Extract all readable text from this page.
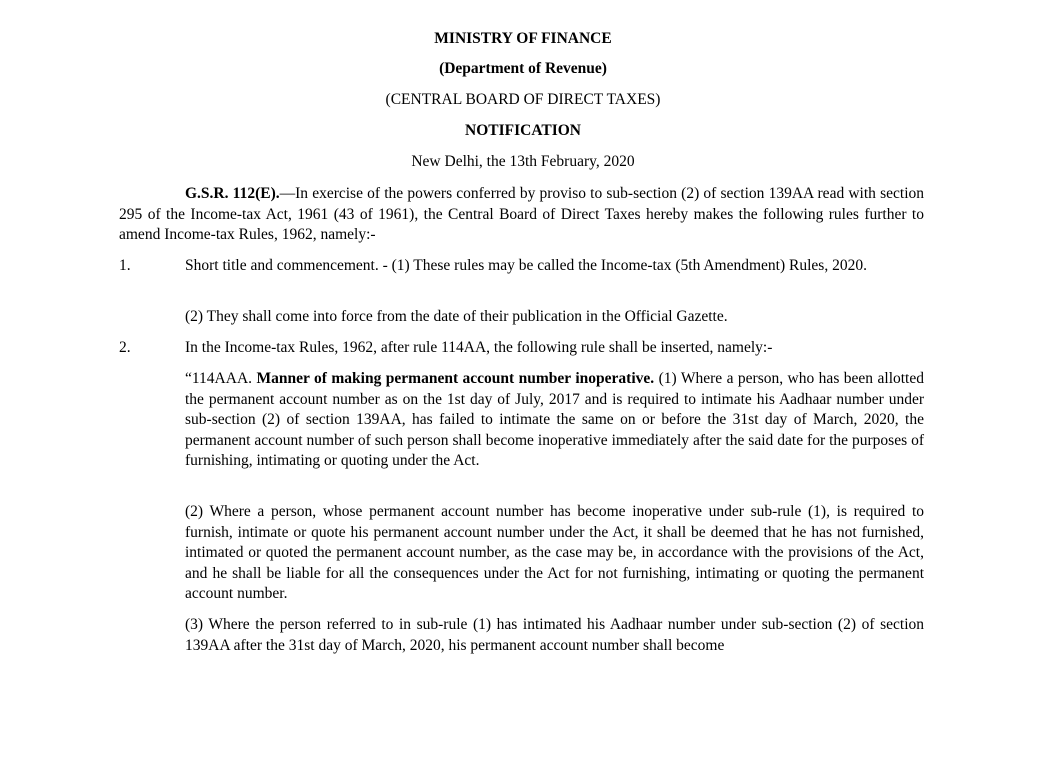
MINISTRY OF FINANCE
(Department of Revenue)
(CENTRAL BOARD OF DIRECT TAXES)
NOTIFICATION
New Delhi, the 13th February, 2020
G.S.R. 112(E).—In exercise of the powers conferred by proviso to sub-section (2) of section 139AA read with section 295 of the Income-tax Act, 1961 (43 of 1961), the Central Board of Direct Taxes hereby makes the following rules further to amend Income-tax Rules, 1962, namely:-
1.	Short title and commencement. - (1) These rules may be called the Income-tax (5th Amendment) Rules, 2020.
(2) They shall come into force from the date of their publication in the Official Gazette.
2.	In the Income-tax Rules, 1962, after rule 114AA, the following rule shall be inserted, namely:-
“114AAA. Manner of making permanent account number inoperative. (1) Where a person, who has been allotted the permanent account number as on the 1st day of July, 2017 and is required to intimate his Aadhaar number under sub-section (2) of section 139AA, has failed to intimate the same on or before the 31st day of March, 2020, the permanent account number of such person shall become inoperative immediately after the said date for the purposes of furnishing, intimating or quoting under the Act.
(2) Where a person, whose permanent account number has become inoperative under sub-rule (1), is required to furnish, intimate or quote his permanent account number under the Act, it shall be deemed that he has not furnished, intimated or quoted the permanent account number, as the case may be, in accordance with the provisions of the Act, and he shall be liable for all the consequences under the Act for not furnishing, intimating or quoting the permanent account number.
(3) Where the person referred to in sub-rule (1) has intimated his Aadhaar number under sub-section (2) of section 139AA after the 31st day of March, 2020, his permanent account number shall become
